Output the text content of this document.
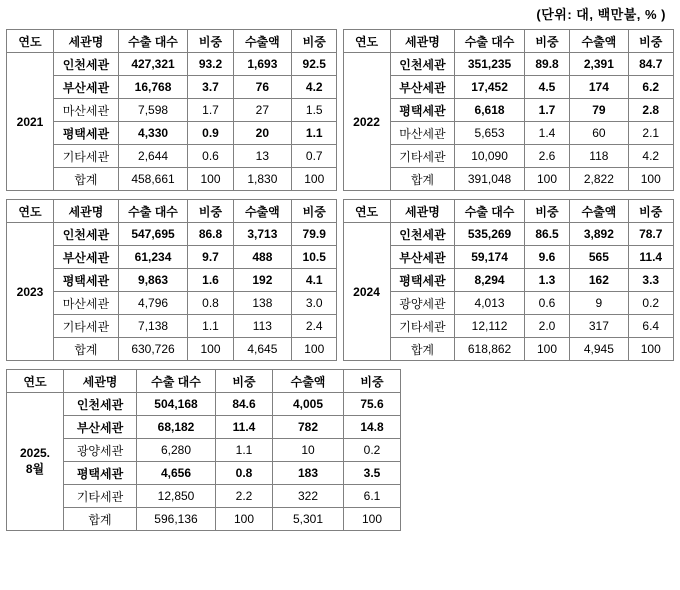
(단위: 대, 백만불, % )
연도	세관명	수출 대수	비중	수출액	비중
2021	인천세관	427,321	93.2	1,693	92.5
	부산세관	16,768	3.7	76	4.2
	마산세관	7,598	1.7	27	1.5
	평택세관	4,330	0.9	20	1.1
	기타세관	2,644	0.6	13	0.7
	합계	458,661	100	1,830	100
연도	세관명	수출 대수	비중	수출액	비중
2022	인천세관	351,235	89.8	2,391	84.7
	부산세관	17,452	4.5	174	6.2
	평택세관	6,618	1.7	79	2.8
	마산세관	5,653	1.4	60	2.1
	기타세관	10,090	2.6	118	4.2
	합계	391,048	100	2,822	100
연도	세관명	수출 대수	비중	수출액	비중
2023	인천세관	547,695	86.8	3,713	79.9
	부산세관	61,234	9.7	488	10.5
	평택세관	9,863	1.6	192	4.1
	마산세관	4,796	0.8	138	3.0
	기타세관	7,138	1.1	113	2.4
	합계	630,726	100	4,645	100
연도	세관명	수출 대수	비중	수출액	비중
2024	인천세관	535,269	86.5	3,892	78.7
	부산세관	59,174	9.6	565	11.4
	평택세관	8,294	1.3	162	3.3
	광양세관	4,013	0.6	9	0.2
	기타세관	12,112	2.0	317	6.4
	합계	618,862	100	4,945	100
연도	세관명	수출 대수	비중	수출액	비중
2025.
8월	인천세관	504,168	84.6	4,005	75.6
	부산세관	68,182	11.4	782	14.8
	광양세관	6,280	1.1	10	0.2
	평택세관	4,656	0.8	183	3.5
	기타세관	12,850	2.2	322	6.1
	합계	596,136	100	5,301	100
